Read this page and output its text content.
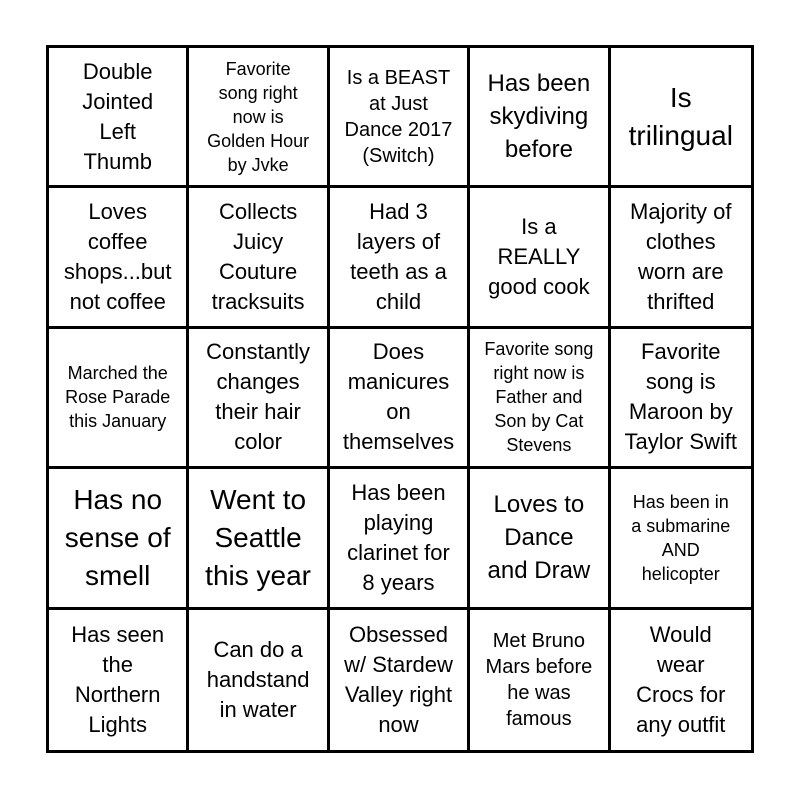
Double
Jointed
Left
Thumb
Favorite
song right
now is
Golden Hour
by Jvke
Is a BEAST
at Just
Dance 2017
(Switch)
Has been
skydiving
before
Is
trilingual
Loves
coffee
shops...but
not coffee
Collects
Juicy
Couture
tracksuits
Had 3
layers of
teeth as a
child
Is a
REALLY
good cook
Majority of
clothes
worn are
thrifted
Marched the
Rose Parade
this January
Constantly
changes
their hair
color
Does
manicures
on
themselves
Favorite song
right now is
Father and
Son by Cat
Stevens
Favorite
song is
Maroon by
Taylor Swift
Has no
sense of
smell
Went to
Seattle
this year
Has been
playing
clarinet for
8 years
Loves to
Dance
and Draw
Has been in
a submarine
AND
helicopter
Has seen
the
Northern
Lights
Can do a
handstand
in water
Obsessed
w/ Stardew
Valley right
now
Met Bruno
Mars before
he was
famous
Would
wear
Crocs for
any outfit
